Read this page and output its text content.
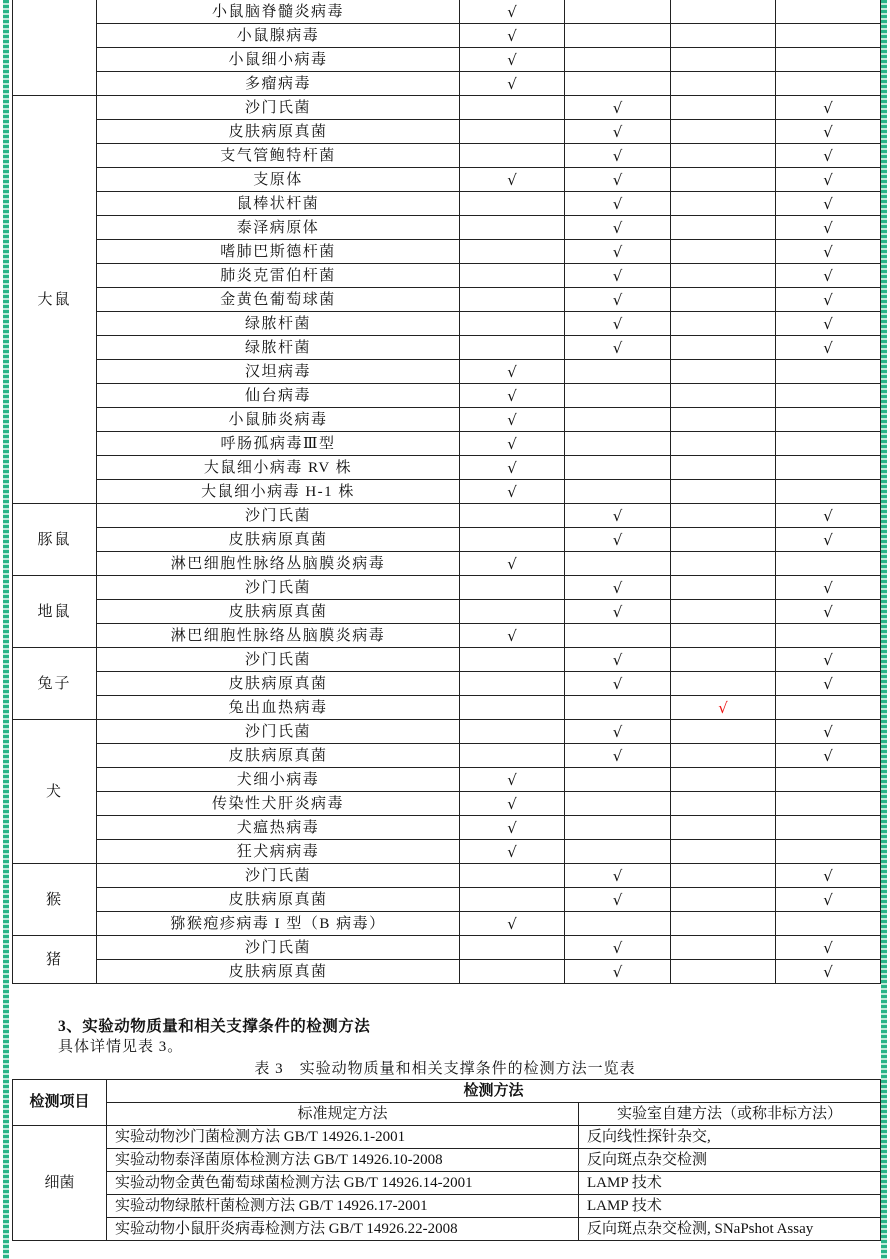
	小鼠脑脊髓炎病毒	√			
	小鼠腺病毒	√			
	小鼠细小病毒	√			
	多瘤病毒	√			
大鼠	沙门氏菌		√		√
	皮肤病原真菌		√		√
	支气管鲍特杆菌		√		√
	支原体	√	√		√
	鼠棒状杆菌		√		√
	泰泽病原体		√		√
	嗜肺巴斯德杆菌		√		√
	肺炎克雷伯杆菌		√		√
	金黄色葡萄球菌		√		√
	绿脓杆菌		√		√
	绿脓杆菌		√		√
	汉坦病毒	√			
	仙台病毒	√			
	小鼠肺炎病毒	√			
	呼肠孤病毒Ⅲ型	√			
	大鼠细小病毒 RV 株	√			
	大鼠细小病毒 H-1 株	√			
豚鼠	沙门氏菌		√		√
	皮肤病原真菌		√		√
	淋巴细胞性脉络丛脑膜炎病毒	√			
地鼠	沙门氏菌		√		√
	皮肤病原真菌		√		√
	淋巴细胞性脉络丛脑膜炎病毒	√			
兔子	沙门氏菌		√		√
	皮肤病原真菌		√		√
	兔出血热病毒			√	
犬	沙门氏菌		√		√
	皮肤病原真菌		√		√
	犬细小病毒	√			
	传染性犬肝炎病毒	√			
	犬瘟热病毒	√			
	狂犬病病毒	√			
猴	沙门氏菌		√		√
	皮肤病原真菌		√		√
	猕猴疱疹病毒 I 型（B 病毒）	√			
猪	沙门氏菌		√		√
	皮肤病原真菌		√		√
3、实验动物质量和相关支撑条件的检测方法
具体详情见表 3。
表 3　实验动物质量和相关支撑条件的检测方法一览表
检测项目	检测方法	
	标准规定方法	实验室自建方法（或称非标方法）
细菌	实验动物沙门菌检测方法 GB/T 14926.1-2001	反向线性探针杂交,
	实验动物泰泽菌原体检测方法 GB/T 14926.10-2008	反向斑点杂交检测
	实验动物金黄色葡萄球菌检测方法 GB/T 14926.14-2001	LAMP 技术
	实验动物绿脓杆菌检测方法 GB/T 14926.17-2001	LAMP 技术
	实验动物小鼠肝炎病毒检测方法 GB/T 14926.22-2008	反向斑点杂交检测, SNaPshot Assay
